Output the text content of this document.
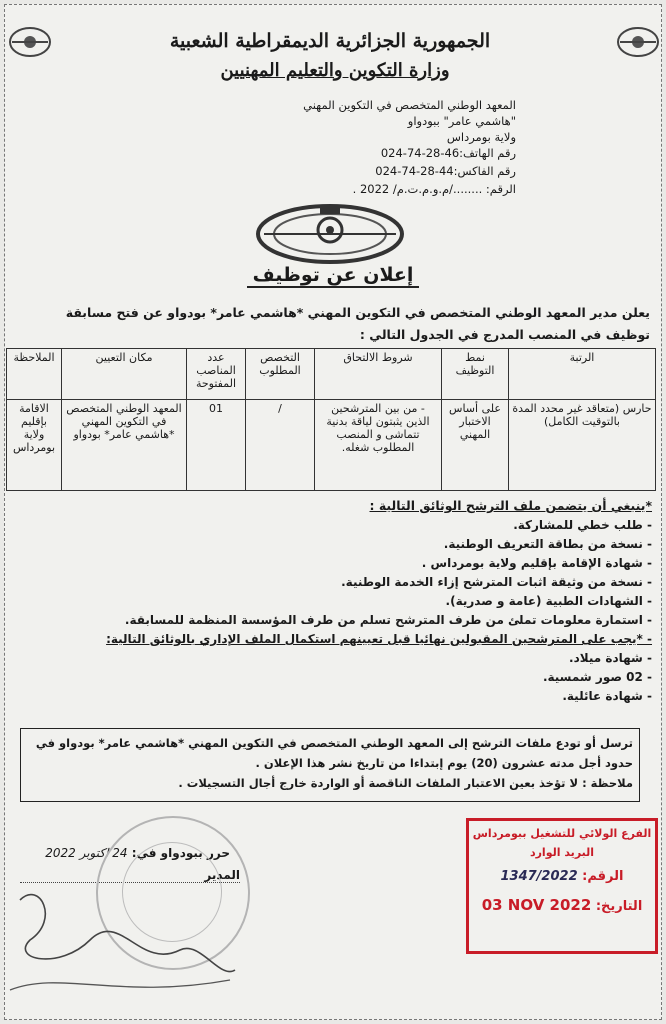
الجمهورية الجزائرية الديمقراطية الشعبية
وزارة التكوين والتعليم المهنيين
المعهد الوطني المتخصص في التكوين المهني
"هاشمي عامر" ببودواو
ولاية بومرداس
رقم الهاتف:024-74-28-46
رقم الفاكس:024-74-28-44
الرقم: ......../م.و.م.ت.م/ 2022 .
إعلان عن توظيف
يعلن مدير المعهد الوطني المتخصص في التكوين المهني *هاشمي عامر* بودواو عن فتح مسابقة توظيف في المنصب المدرج في الجدول التالي :
الرتبة	نمط التوظيف	شروط الالتحاق	التخصص المطلوب	عدد المناصب المفتوحة	مكان التعيين	الملاحظة
حارس (متعاقد غير محدد المدة بالتوقيت الكامل)	على أساس الاختبار المهني	- من بين المترشحين الذين يثبتون لياقة بدنية تتماشى و المنصب المطلوب شغله.	/	01	المعهد الوطني المتخصص في التكوين المهني *هاشمي عامر* بودواو	الاقامة بإقليم ولاية بومرداس
*ينبغي أن يتضمن ملف الترشح الوثائق التالية :
- طلب خطي للمشاركة.
- نسخة من بطاقة التعريف الوطنية.
- شهادة الإقامة بإقليم ولاية بومرداس .
- نسخة من وثيقة اثبات المترشح إزاء الخدمة الوطنية.
- الشهادات الطبية (عامة و صدرية).
- استمارة معلومات تملئ من طرف المترشح تسلم من طرف المؤسسة المنظمة للمسابقة.
- *يجب على المترشحين المقبولين نهائيا قبل تعيينهم استكمال الملف الإداري بالوثائق التالية:
- شهادة ميلاد.
- 02 صور شمسية.
- شهادة عائلية.
ترسل أو تودع ملفات الترشح إلى المعهد الوطني المتخصص في التكوين المهني *هاشمي عامر* بودواو في حدود أجل مدته عشرون (20) يوم إبتداءا من تاريخ نشر هذا الإعلان .
ملاحظة : لا تؤخذ بعين الاعتبار الملفات الناقصة أو الواردة خارج أجال التسجيلات .
حرر ببودواو في: 24 اكتوبر 2022
المدير
الفرع الولائي للتشغيل ببومرداس
البريد الوارد
الرقم: 1347/2022
التاريخ: 03 NOV 2022
